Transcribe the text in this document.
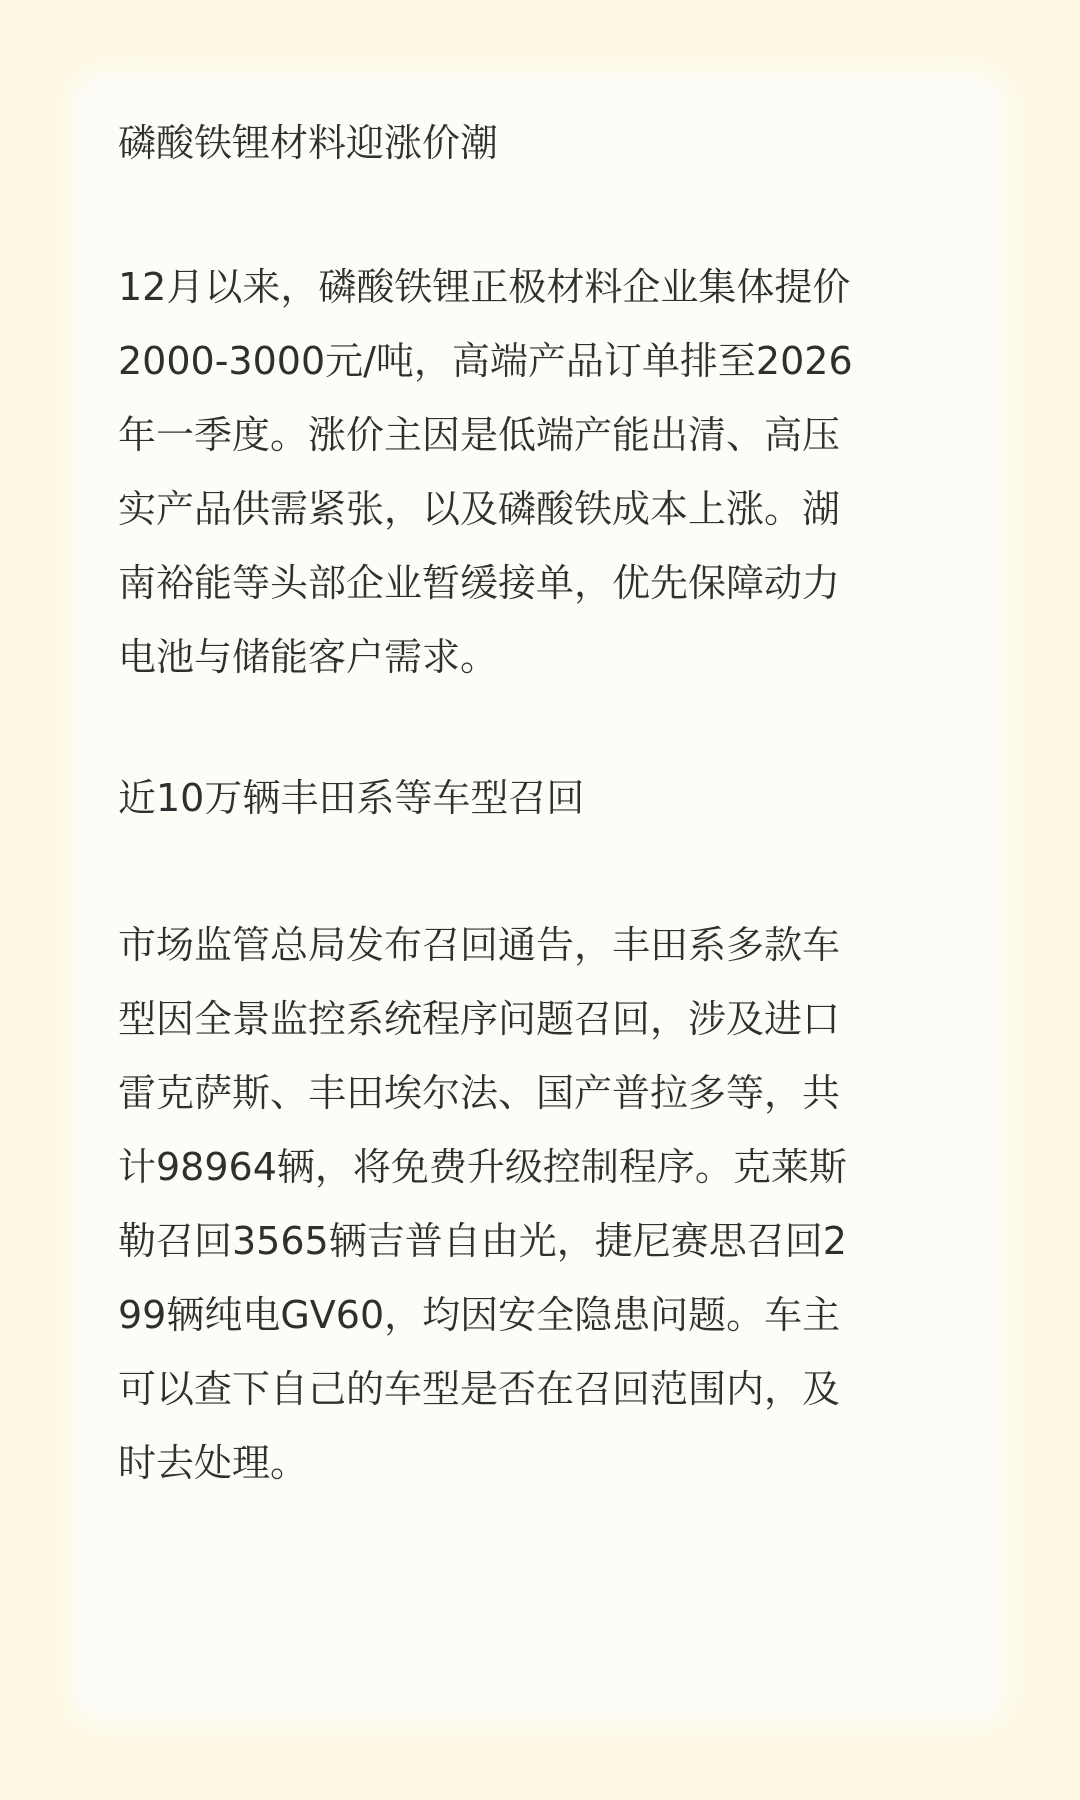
磷酸铁锂材料迎涨价潮
12月以来，磷酸铁锂正极材料企业集体提价
2000-3000元/吨，高端产品订单排至2026
年一季度。涨价主因是低端产能出清、高压
实产品供需紧张，以及磷酸铁成本上涨。湖
南裕能等头部企业暂缓接单，优先保障动力
电池与储能客户需求。
近10万辆丰田系等车型召回
市场监管总局发布召回通告，丰田系多款车
型因全景监控系统程序问题召回，涉及进口
雷克萨斯、丰田埃尔法、国产普拉多等，共
计98964辆，将免费升级控制程序。克莱斯
勒召回3565辆吉普自由光，捷尼赛思召回2
99辆纯电GV60，均因安全隐患问题。车主
可以查下自己的车型是否在召回范围内，及
时去处理。
